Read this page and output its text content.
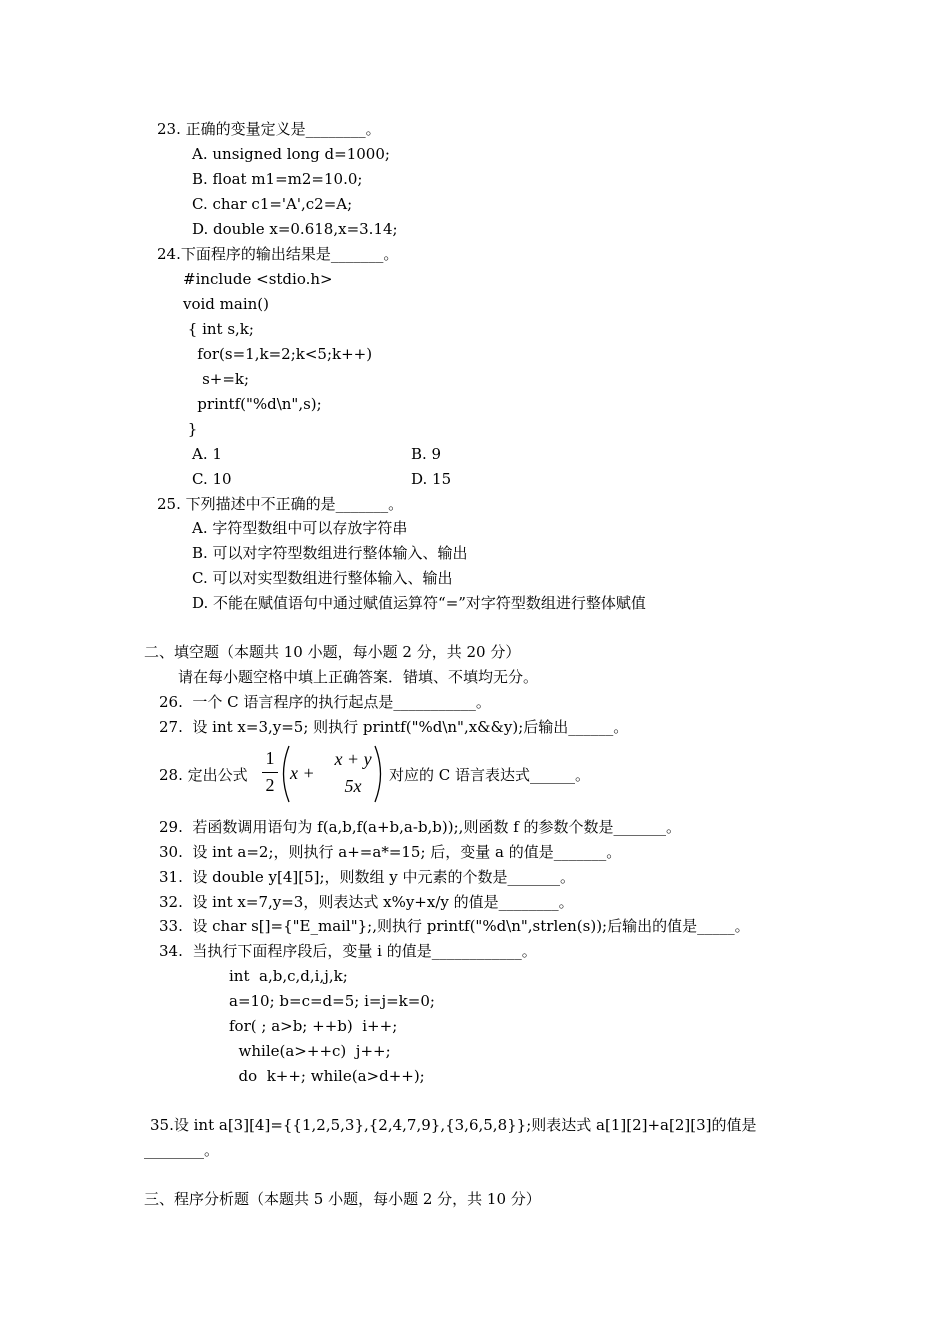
23. 正确的变量定义是________。
A. unsigned long d=1000;
B. float m1=m2=10.0;
C. char c1='A',c2=A;
D. double x=0.618,x=3.14;
24.下面程序的输出结果是_______。
#include <stdio.h>
void main()
{ int s,k;
for(s=1,k=2;k<5;k++)
s+=k;
printf("%d\n",s);
}
A. 1	B. 9
C. 10	D. 15
25. 下列描述中不正确的是_______。
A. 字符型数组中可以存放字符串
B. 可以对字符型数组进行整体输入、输出
C. 可以对实型数组进行整体输入、输出
D. 不能在赋值语句中通过赋值运算符“=”对字符型数组进行整体赋值
二、填空题（本题共 10 小题，每小题 2 分，共 20 分）
请在每小题空格中填上正确答案．错填、不填均无分。
26.  一个 C 语言程序的执行起点是___________。
27.  设 int x=3,y=5; 则执行 printf("%d\n",x&&y);后输出______。
28. 定出公式
1
2
x +
x + y
5x
对应的 C 语言表达式______。
29.  若函数调用语句为 f(a,b,f(a+b,a-b,b));,则函数 f 的参数个数是_______。
30.  设 int a=2;，则执行 a+=a*=15; 后，变量 a 的值是_______。
31.  设 double y[4][5];，则数组 y 中元素的个数是_______。
32.  设 int x=7,y=3，则表达式 x%y+x/y 的值是________。
33.  设 char s[]={"E_mail"};,则执行 printf("%d\n",strlen(s));后输出的值是_____。
34.  当执行下面程序段后，变量 i 的值是____________。
int  a,b,c,d,i,j,k;
a=10; b=c=d=5; i=j=k=0;
for( ; a>b; ++b)  i++;
while(a>++c)  j++;
do  k++; while(a>d++);
35.设 int a[3][4]={{1,2,5,3},{2,4,7,9},{3,6,5,8}};则表达式 a[1][2]+a[2][3]的值是
________。
三、程序分析题（本题共 5 小题，每小题 2 分，共 10 分）
